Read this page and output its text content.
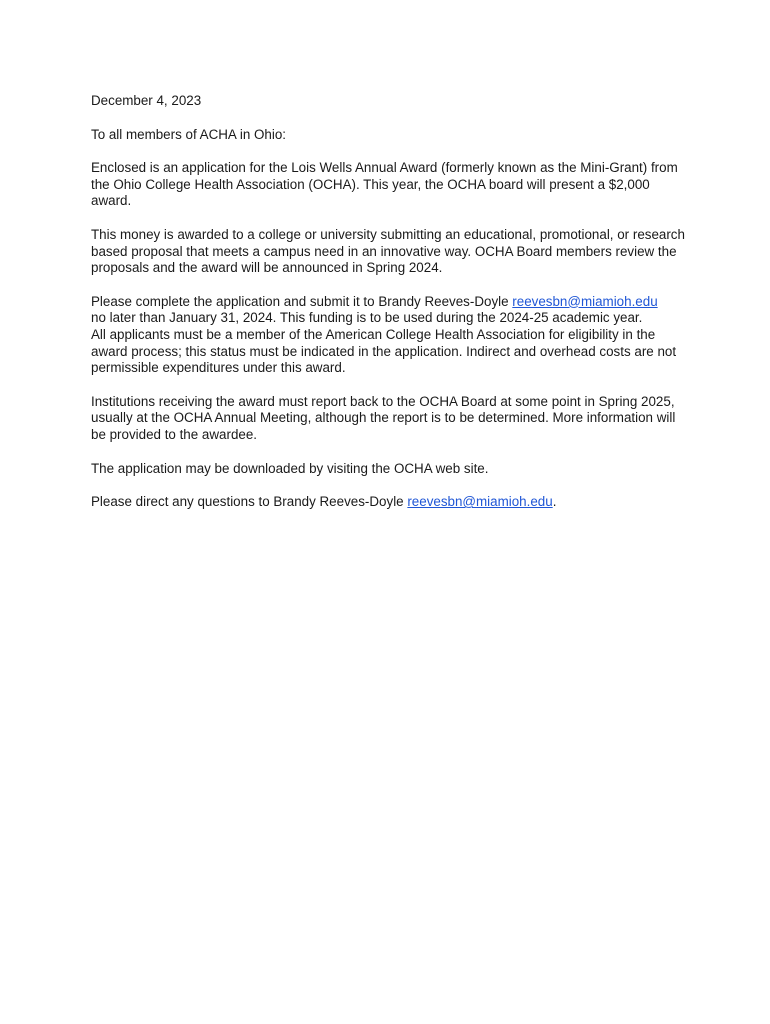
December 4, 2023

To all members of ACHA in Ohio:

Enclosed is an application for the Lois Wells Annual Award (formerly known as the Mini-Grant) from the Ohio College Health Association (OCHA). This year, the OCHA board will present a $2,000 award.

This money is awarded to a college or university submitting an educational, promotional, or research based proposal that meets a campus need in an innovative way. OCHA Board members review the proposals and the award will be announced in Spring 2024.

Please complete the application and submit it to Brandy Reeves-Doyle reevesbn@miamioh.edu
no later than January 31, 2024. This funding is to be used during the 2024-25 academic year.
All applicants must be a member of the American College Health Association for eligibility in the award process; this status must be indicated in the application. Indirect and overhead costs are not permissible expenditures under this award.

Institutions receiving the award must report back to the OCHA Board at some point in Spring 2025, usually at the OCHA Annual Meeting, although the report is to be determined. More information will be provided to the awardee.

The application may be downloaded by visiting the OCHA web site.

Please direct any questions to Brandy Reeves-Doyle reevesbn@miamioh.edu.
